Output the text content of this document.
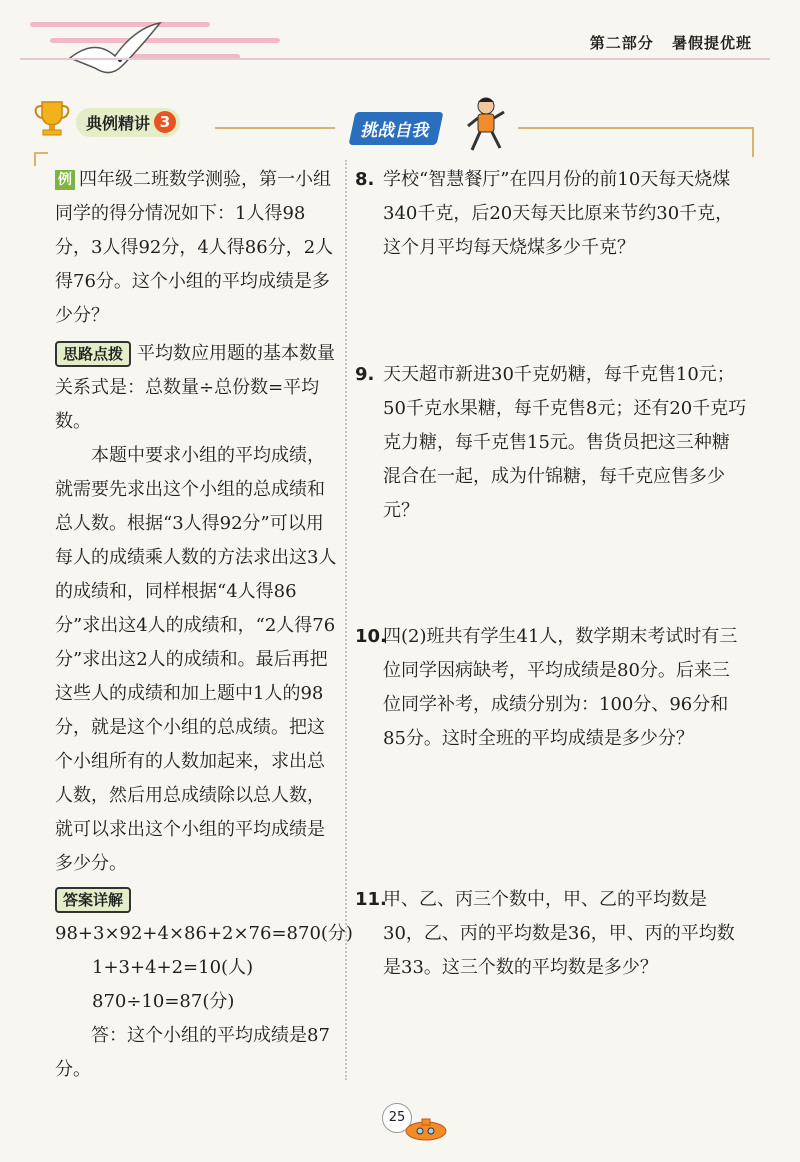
第二部分 暑假提优班
典例精讲 3	挑战自我

例 四年级二班数学测验，第一小组同学的得分情况如下：1人得98分，3人得92分，4人得86分，2人得76分。这个小组的平均成绩是多少分？

思路点拨 平均数应用题的基本数量关系式是：总数量÷总份数=平均数。

本题中要求小组的平均成绩，就需要先求出这个小组的总成绩和总人数。根据“3人得92分”可以用每人的成绩乘人数的方法求出这3人的成绩和，同样根据“4人得86分”求出这4人的成绩和，“2人得76分”求出这2人的成绩和。最后再把这些人的成绩和加上题中1人的98分，就是这个小组的总成绩。把这个小组所有的人数加起来，求出总人数，然后用总成绩除以总人数，就可以求出这个小组的平均成绩是多少分。

答案详解98+3×92+4×86+2×76=870(分)

1+3+4+2=10(人)

870÷10=87(分)

答：这个小组的平均成绩是87分。

8. 学校“智慧餐厅”在四月份的前10天每天烧煤340千克，后20天每天比原来节约30千克，这个月平均每天烧煤多少千克？
9. 天天超市新进30千克奶糖，每千克售10元；50千克水果糖，每千克售8元；还有20千克巧克力糖，每千克售15元。售货员把这三种糖混合在一起，成为什锦糖，每千克应售多少元？
10.
四(2)班共有学生41人，数学期末考试时有三位同学因病缺考，平均成绩是80分。后来三位同学补考，成绩分别为：100分、96分和85分。这时全班的平均成绩是多少分？
11.
甲、乙、丙三个数中，甲、乙的平均数是30，乙、丙的平均数是36，甲、丙的平均数是33。这三个数的平均数是多少？
25
